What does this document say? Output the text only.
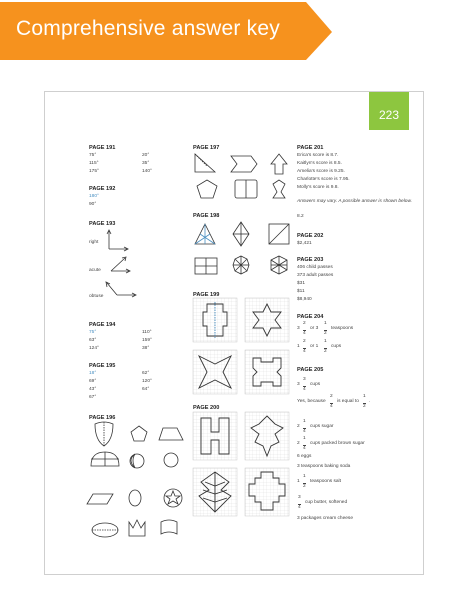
Comprehensive answer key
223
PAGE 191
75°
115°
175°
20°
35°
140°
PAGE 192
180°
90°
PAGE 193
right
acute
obtuse
PAGE 194
75°
63°
124°
110°
159°
38°
PAGE 195
18°
69°
43°
67°
62°
120°
64°
PAGE 196
PAGE 197
PAGE 198
PAGE 199
PAGE 200
PAGE 201
Erica's score is 8.7.
Kaitlyn's score is 8.5.
Amelia's score is 9.25.
Charlotte's score is 7.95.
Molly's score is 9.8.
Answers may vary. A possible answer is shown below.
8.2
PAGE 202
$2,421
PAGE 203
406 child passes
373 adult passes
$31
$11
$8,940
PAGE 204
3
2
4
or 3
1
2
teaspoons
1
2
4
or 1
1
2
cups
PAGE 205
3
3
4
cups
Yes, because
2
4
is equal to
1
2
.
2
1
4
cups sugar
2
1
4
cups packed brown sugar
6 eggs
3 teaspoons baking soda
1
1
2
teaspoons salt
3
4
cup butter, softened
3 packages cream cheese
